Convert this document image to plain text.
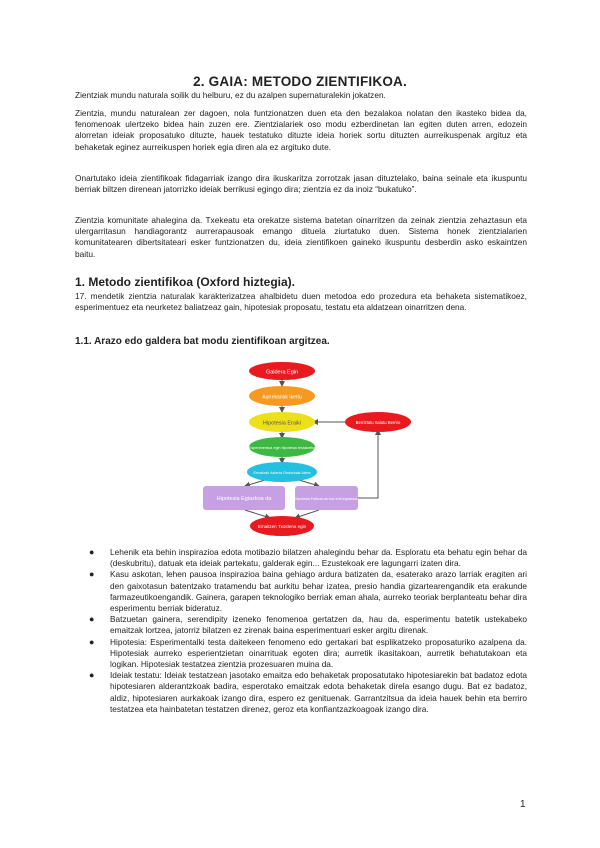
2. GAIA: METODO ZIENTIFIKOA.

Zientziak mundu naturala soilik du helburu, ez du azalpen supernaturalekin jokatzen.

Zientzia, mundu naturalean zer dagoen, nola funtzionatzen duen eta den bezalakoa nolatan den ikasteko bidea da, fenomenoak ulertzeko bidea hain zuzen ere. Zientzialariek oso modu ezberdinetan lan egiten duten arren, edozein alorretan ideiak proposatuko dituzte, hauek testatuko dituzte ideia horiek sortu dituzten aurreikuspenak argituz eta behaketak eginez aurreikuspen horiek egia diren ala ez argituko dute.

Onartutako ideia zientifikoak fidagarriak izango dira ikuskaritza zorrotzak jasan dituztelako, baina seinale eta ikuspuntu berriak biltzen direnean jatorrizko ideiak berrikusi egingo dira; zientzia ez da inoiz “bukatuko”.

Zientzia komunitate ahalegina da. Txekeatu eta orekatze sistema batetan oinarritzen da zeinak zientzia zehaztasun eta ulergarritasun handiagorantz aurrerapausoak emango dituela ziurtatuko duen. Sistema honek zientzialarien komunitatearen dibertsitateari esker funtzionatzen du, ideia zientifikoen gaineko ikuspuntu desberdin asko eskaintzen baitu.

1. Metodo zientifikoa (Oxford hiztegia).

17. mendetik zientzia naturalak karakterizatzea ahalbidetu duen metodoa edo prozedura eta behaketa sistematikoez, esperimentuez eta neurketez baliatzeaz gain, hipotesiak proposatu, testatu eta aldatzean oinarritzen dena.

1.1. Arazo edo galdera bat modu zientifikoan argitzea.
Galdera Egin
Aurrekariak Ikertu
Hipotesia Eraiki
Esperimentua egin hipotesia testatzeko
Emaitzak Aztertu Ondorioak Atera
Hipotesia Egiazkoa da	Hipotesia Faltsua da edo erdi-egiazkoa
Emaitzen Txostena egin
Berriztatu Saiatu Berriro
● Lehenik eta behin inspirazioa edota motibazio bilatzen ahalegindu behar da. Esploratu eta behatu egin behar da (deskubritu), datuak eta ideiak partekatu, galderak egin... Ezustekoak ere lagungarri izaten dira.
● Kasu askotan, lehen pausoa inspirazioa baina gehiago ardura batizaten da, esaterako arazo larriak eragiten ari den gaixotasun batentzako tratamendu bat aurkitu behar izatea, presio handia gizartearengandik eta erakunde farmazeutikoengandik. Gainera, garapen teknologiko berriak eman ahala, aurreko teoriak berplanteatu behar dira esperimentu berriak bideratuz.
● Batzuetan gainera, serendipity izeneko fenomenoa gertatzen da, hau da, esperimentu batetik ustekabeko emaitzak lortzea, jatorriz bilatzen ez zirenak baina esperimentuari esker argitu direnak.
● Hipotesia: Esperimentalki testa daitekeen fenomeno edo gertakari bat esplikatzeko proposaturiko azalpena da. Hipotesiak aurreko esperientzietan oinarrituak egoten dira; aurretik ikasitakoan, aurretik behatutakoan eta logikan. Hipotesiak testatzea zientzia prozesuaren muina da.
● Ideiak testatu: Ideiak testatzean jasotako emaitza edo behaketak proposatutako hipotesiarekin bat badatoz edota hipotesiaren alderantzkoak badira, esperotako emaitzak edota behaketak direla esango dugu. Bat ez badatoz, aldiz, hipotesiaren aurkakoak izango dira, espero ez genituenak. Garrantzitsua da ideia hauek behin eta berriro testatzea eta hainbatetan testatzen direnez, geroz eta konfiantzazkoagoak izango dira.
1
